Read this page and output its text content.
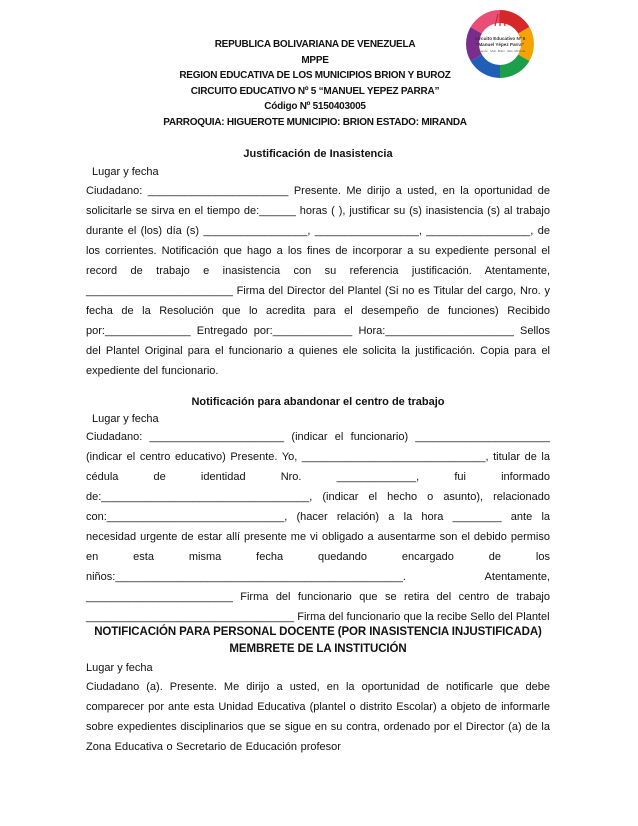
REPUBLICA BOLIVARIANA DE VENEZUELA
MPPE
REGION EDUCATIVA DE LOS MUNICIPIOS BRION Y BUROZ
CIRCUITO EDUCATIVO Nº 5 “MANUEL YEPEZ PARRA”
Código Nº 5150403005
PARROQUIA: HIGUEROTE MUNICIPIO: BRION ESTADO: MIRANDA
Circuito Educativo Nº 5
"Manuel Yépez Parra"
Higuerote · Mun. Brión · Edo. Miranda
Justificación de Inasistencia
Lugar y fecha
Ciudadano: _______________________ Presente. Me dirijo a usted, en la oportunidad de solicitarle se sirva en el tiempo de:______ horas ( ), justificar su (s) inasistencia (s) al trabajo durante el (los) día (s) _________________, _________________, _________________, de los corrientes. Notificación que hago a los fines de incorporar a su expediente personal el record de trabajo e inasistencia con su referencia justificación. Atentamente, ________________________ Firma del Director del Plantel (Si no es Titular del cargo, Nro. y fecha de la Resolución que lo acredita para el desempeño de funciones) Recibido por:______________ Entregado por:_____________ Hora:_____________________ Sellos del Plantel Original para el funcionario a quienes ele solicita la justificación. Copia para el expediente del funcionario.
Notificación para abandonar el centro de trabajo
Lugar y fecha
Ciudadano: ______________________ (indicar el funcionario) ______________________ (indicar el centro educativo) Presente. Yo, ______________________________, titular de la cédula de identidad Nro. _____________, fui informado de:__________________________________, (indicar el hecho o asunto), relacionado con:_____________________________, (hacer relación) a la hora ________ ante la necesidad urgente de estar allí presente me vi obligado a ausentarme son el debido permiso en esta misma fecha quedando encargado de los niños:_______________________________________________. Atentamente, ________________________ Firma del funcionario que se retira del centro de trabajo __________________________________ Firma del funcionario que la recibe Sello del Plantel
NOTIFICACIÓN PARA PERSONAL DOCENTE (POR INASISTENCIA INJUSTIFICADA)
MEMBRETE DE LA INSTITUCIÓN
Lugar y fecha
Ciudadano (a). Presente. Me dirijo a usted, en la oportunidad de notificarle que debe comparecer por ante esta Unidad Educativa (plantel o distrito Escolar) a objeto de informarle sobre expedientes disciplinarios que se sigue en su contra, ordenado por el Director (a) de la Zona Educativa o Secretario de Educación profesor
